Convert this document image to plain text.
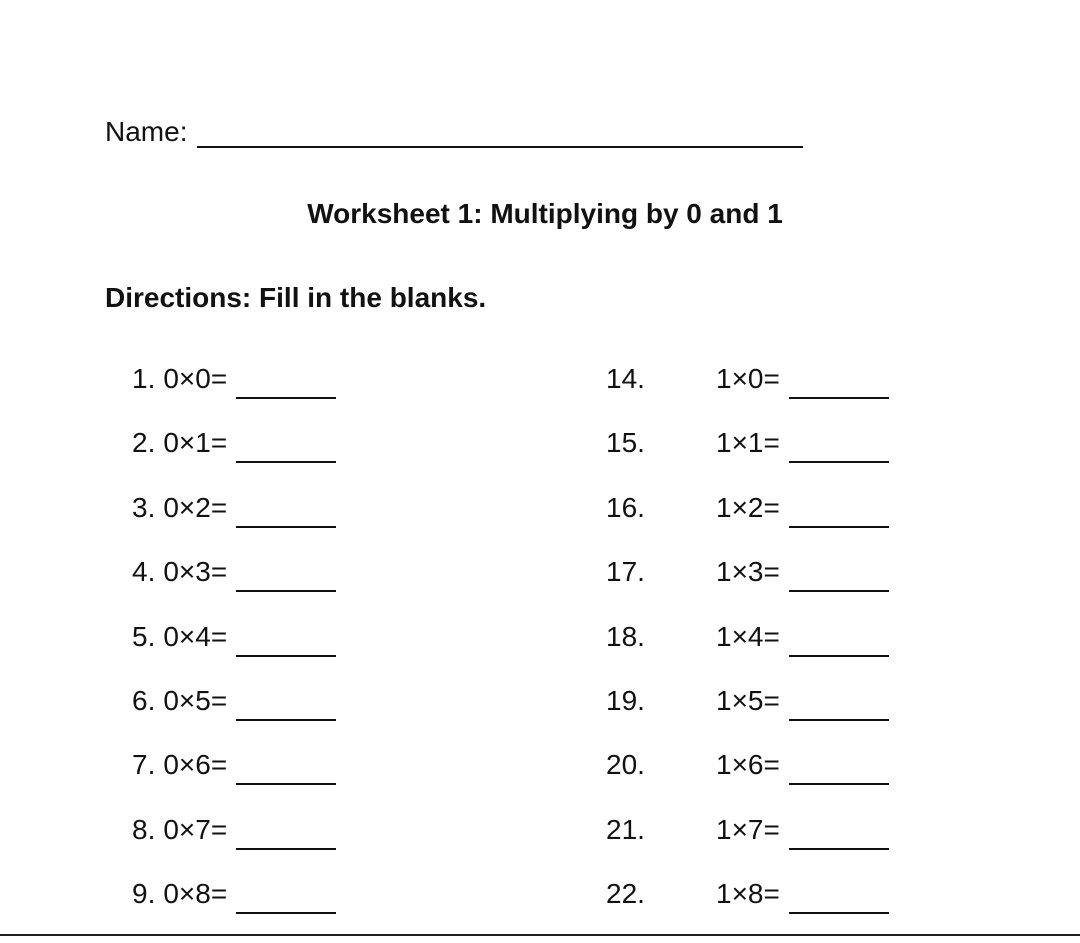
Name:
Worksheet 1: Multiplying by 0 and 1
Directions: Fill in the blanks.
1. 0×0=
2. 0×1=
3. 0×2=
4. 0×3=
5. 0×4=
6. 0×5=
7. 0×6=
8. 0×7=
9. 0×8=
14.	1×0=
15.	1×1=
16.	1×2=
17.	1×3=
18.	1×4=
19.	1×5=
20.	1×6=
21.	1×7=
22.	1×8=
